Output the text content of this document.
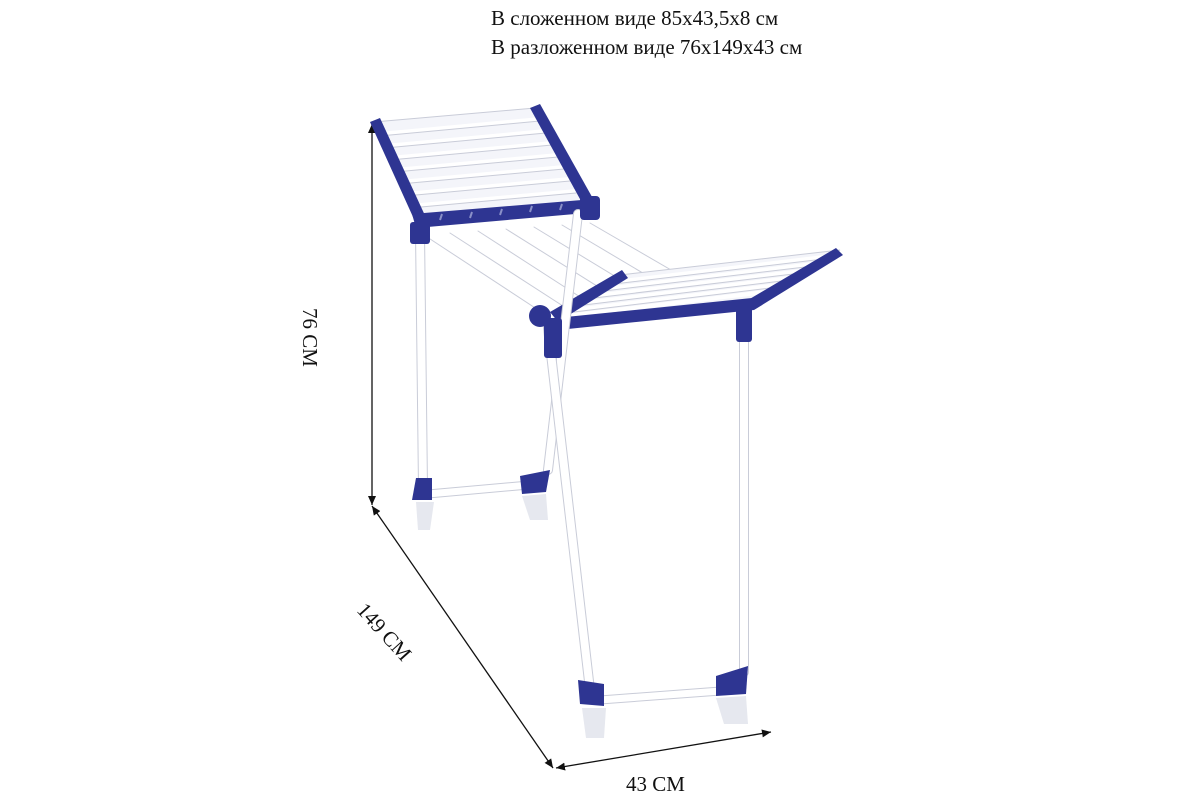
В сложенном виде 85х43,5х8 см
В разложенном виде 76х149х43 см
76 СМ
149 СМ
43 СМ
